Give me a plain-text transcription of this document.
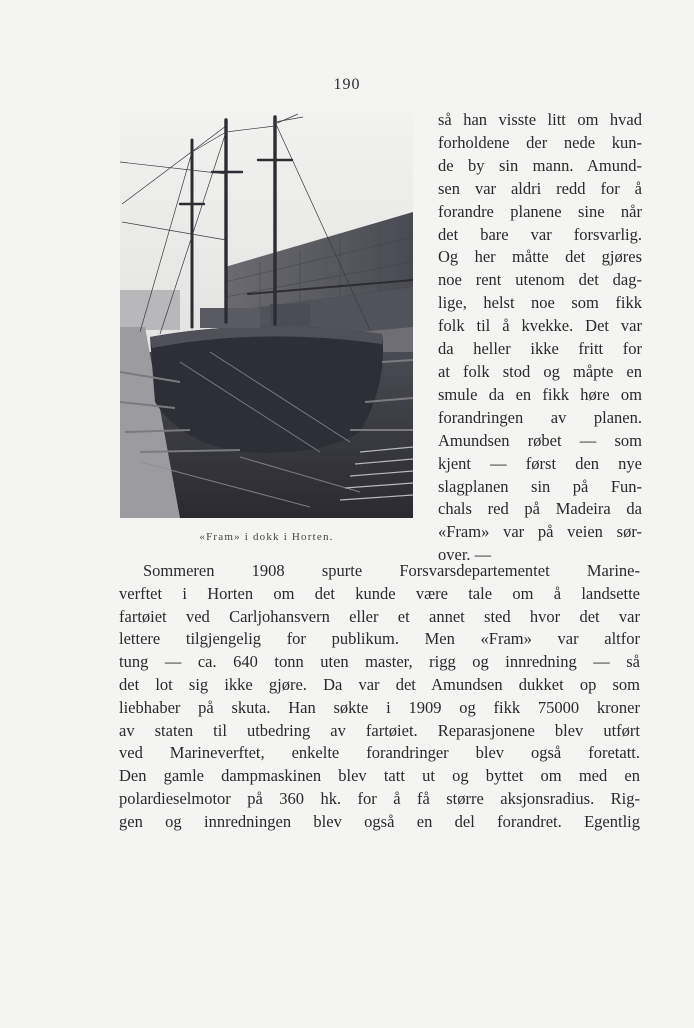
190
«Fram» i dokk i Horten.
så han visste litt om hvad
forholdene der nede kun-
de by sin mann. Amund-
sen var aldri redd for å
forandre planene sine når
det bare var forsvarlig.
Og her måtte det gjøres
noe rent utenom det dag-
lige, helst noe som fikk
folk til å kvekke. Det var
da heller ikke fritt for
at folk stod og måpte en
smule da en fikk høre om
forandringen av planen.
Amundsen røbet — som
kjent — først den nye
slagplanen sin på Fun-
chals red på Madeira da
«Fram» var på veien sør-
over. —
Sommeren 1908 spurte Forsvarsdepartementet Marine-
verftet i Horten om det kunde være tale om å landsette
fartøiet ved Carljohansvern eller et annet sted hvor det var
lettere tilgjengelig for publikum. Men «Fram» var altfor
tung — ca. 640 tonn uten master, rigg og innredning — så
det lot sig ikke gjøre. Da var det Amundsen dukket op som
liebhaber på skuta. Han søkte i 1909 og fikk 75000 kroner
av staten til utbedring av fartøiet. Reparasjonene blev utført
ved Marineverftet, enkelte forandringer blev også foretatt.
Den gamle dampmaskinen blev tatt ut og byttet om med en
polardieselmotor på 360 hk. for å få større aksjonsradius. Rig-
gen og innredningen blev også en del forandret. Egentlig
